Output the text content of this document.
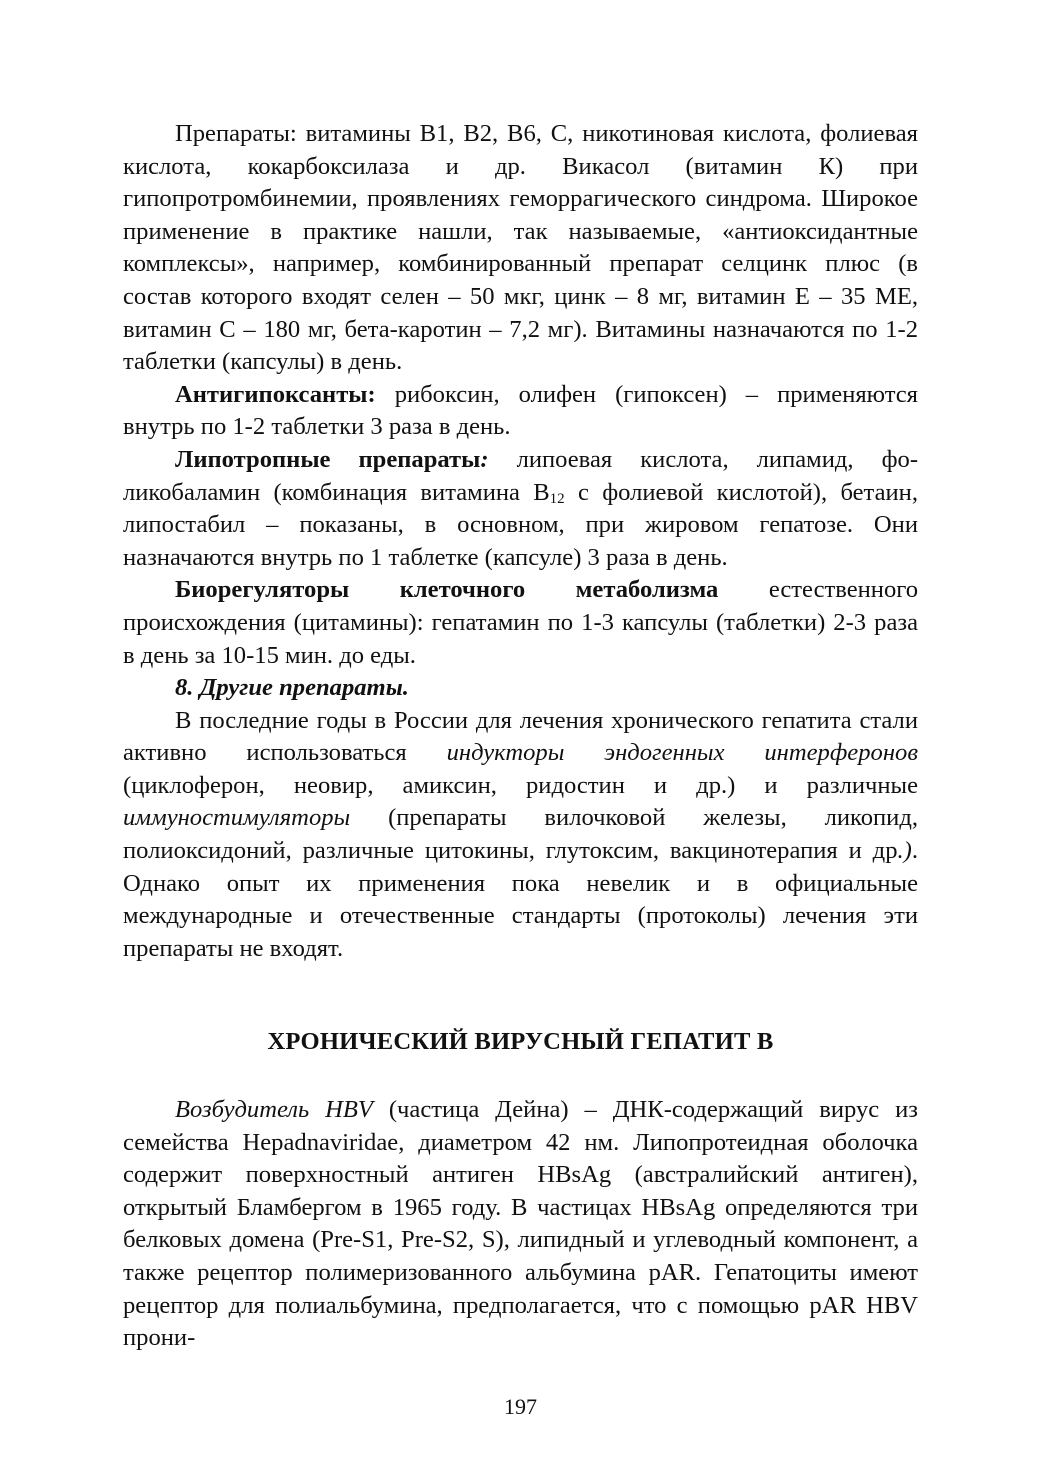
Препараты: витамины В1, В2, В6, С, никотиновая кислота, фолиевая кислота, кокарбоксилаза и др. Викасол (витамин К) при гипопротромбинемии, проявлениях геморрагического синдрома. Широкое применение в практике нашли, так называемые, «антиоксидантные комплексы», например, комбинированный препарат селцинк плюс (в состав которого входят селен – 50 мкг, цинк – 8 мг, витамин Е – 35 МЕ, витамин С – 180 мг, бета-каротин – 7,2 мг). Витамины назначаются по 1-2 таблетки (капсулы) в день.

Антигипоксанты: рибоксин, олифен (гипоксен) – применяются внутрь по 1-2 таблетки 3 раза в день.

Липотропные препараты: липоевая кислота, липамид, фоликобаламин (комбинация витамина $В_{12}$ с фолиевой кислотой), бетаин, липостабил – показаны, в основном, при жировом гепатозе. Они назначаются внутрь по 1 таблетке (капсуле) 3 раза в день.

Биорегуляторы клеточного метаболизма естественного происхождения (цитамины): гепатамин по 1-3 капсулы (таблетки) 2-3 раза в день за 10-15 мин. до еды.

8. Другие препараты.

В последние годы в России для лечения хронического гепатита стали активно использоваться индукторы эндогенных интерферонов (циклоферон, неовир, амиксин, ридостин и др.) и различные иммуностимуляторы (препараты вилочковой железы, ликопид, полиоксидоний, различные цитокины, глутоксим, вакцинотерапия и др.). Однако опыт их применения пока невелик и в официальные международные и отечественные стандарты (протоколы) лечения эти препараты не входят.

ХРОНИЧЕСКИЙ ВИРУСНЫЙ ГЕПАТИТ В

Возбудитель HBV (частица Дейна) – ДНК-содержащий вирус из семейства Hepadnaviridae, диаметром 42 нм. Липопротеидная оболочка содержит поверхностный антиген HBsAg (австралийский антиген), открытый Бламбергом в 1965 году. В частицах HBsAg определяются три белковых домена (Pre-S1, Pre-S2, S), липидный и углеводный компонент, а также рецептор полимеризованного альбумина pAR. Гепатоциты имеют рецептор для полиальбумина, предполагается, что с помощью pAR HBV прони-

197
